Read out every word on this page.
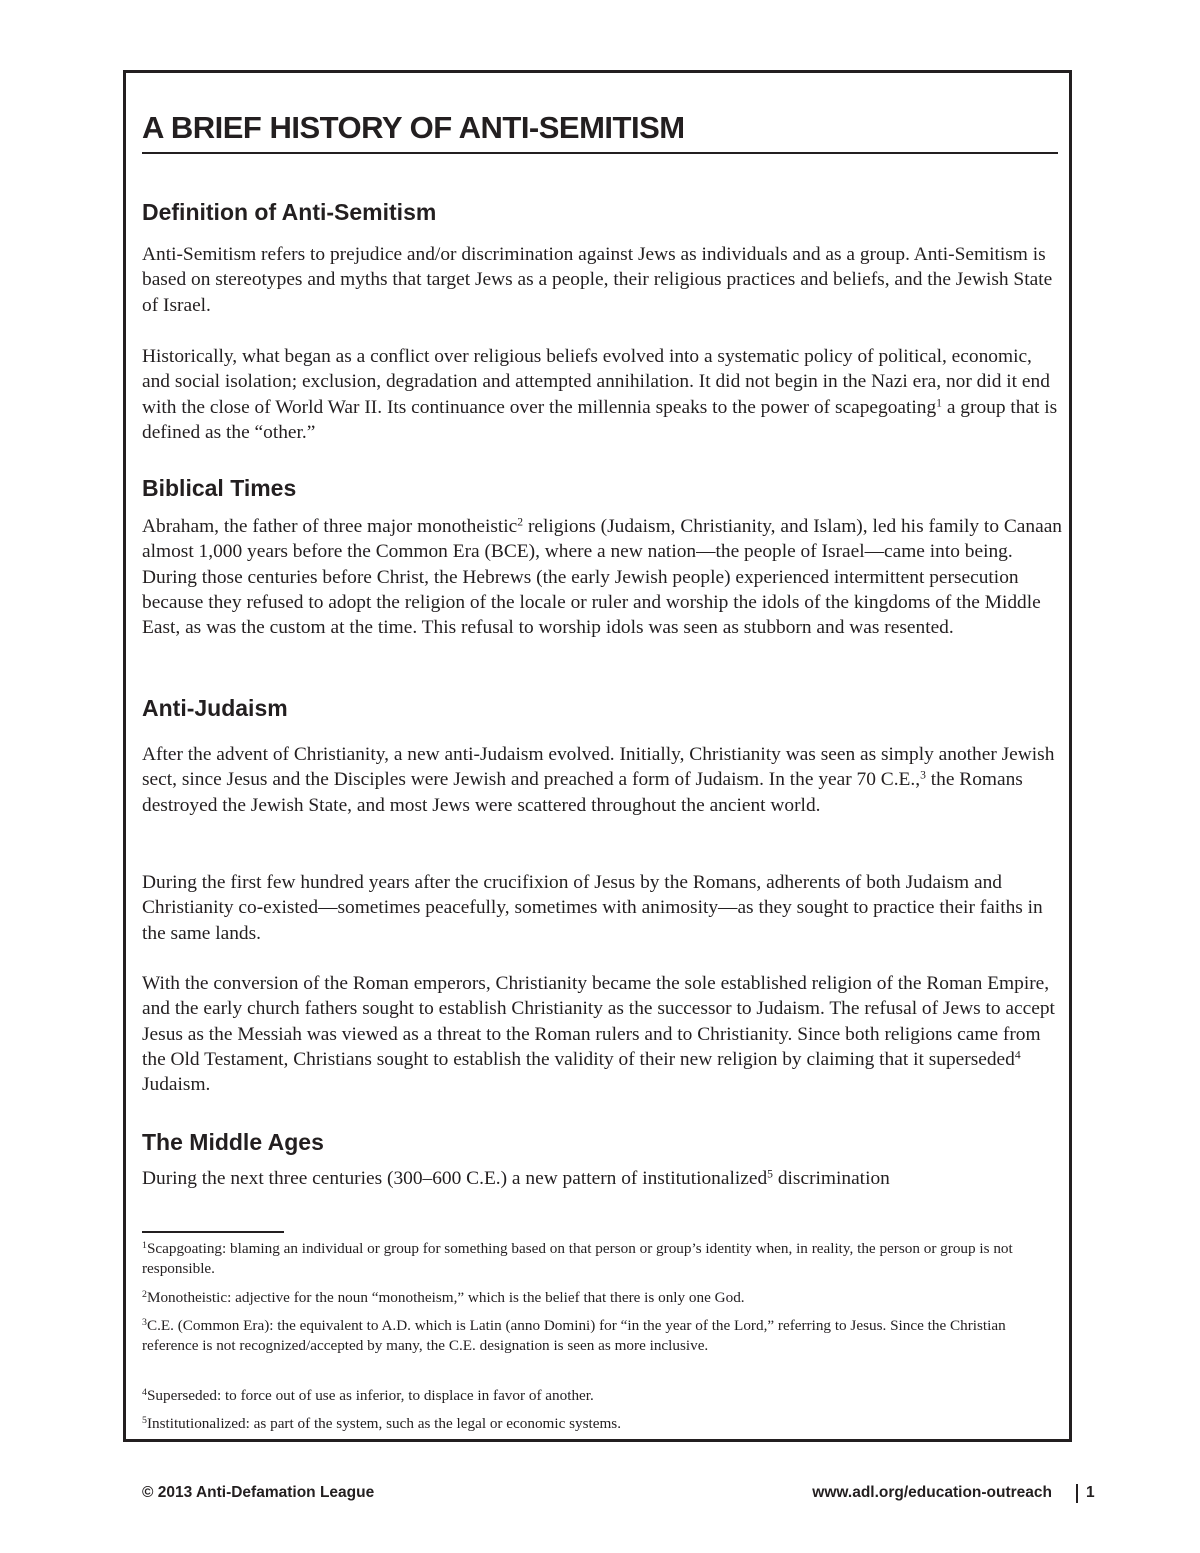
A BRIEF HISTORY OF ANTI-SEMITISM
Definition of Anti-Semitism

Anti-Semitism refers to prejudice and/or discrimination against Jews as individuals and as a group. Anti-Semitism is based on stereotypes and myths that target Jews as a people, their religious practices and beliefs, and the Jewish State of Israel.

Historically, what began as a conflict over religious beliefs evolved into a systematic policy of political, economic, and social isolation; exclusion, degradation and attempted annihilation. It did not begin in the Nazi era, nor did it end with the close of World War II. Its continuance over the millennia speaks to the power of scapegoating$^1$ a group that is defined as the “other.”

Biblical Times

Abraham, the father of three major monotheistic$^2$ religions (Judaism, Christianity, and Islam), led his family to Canaan almost 1,000 years before the Common Era (BCE), where a new nation—the people of Israel—came into being. During those centuries before Christ, the Hebrews (the early Jewish people) experienced intermittent persecution because they refused to adopt the religion of the locale or ruler and worship the idols of the kingdoms of the Middle East, as was the custom at the time. This refusal to worship idols was seen as stubborn and was resented.

Anti-Judaism

After the advent of Christianity, a new anti-Judaism evolved. Initially, Christianity was seen as simply another Jewish sect, since Jesus and the Disciples were Jewish and preached a form of Judaism. In the year 70 C.E.,$^3$ the Romans destroyed the Jewish State, and most Jews were scattered throughout the ancient world.

During the first few hundred years after the crucifixion of Jesus by the Romans, adherents of both Judaism and Christianity co-existed—sometimes peacefully, sometimes with animosity—as they sought to practice their faiths in the same lands.

With the conversion of the Roman emperors, Christianity became the sole established religion of the Roman Empire, and the early church fathers sought to establish Christianity as the successor to Judaism. The refusal of Jews to accept Jesus as the Messiah was viewed as a threat to the Roman rulers and to Christianity. Since both religions came from the Old Testament, Christians sought to establish the validity of their new religion by claiming that it superseded$^4$ Judaism.

The Middle Ages

During the next three centuries (300–600 C.E.) a new pattern of institutionalized$^5$ discrimination

$^1$Scapgoating: blaming an individual or group for something based on that person or group’s identity when, in reality, the person or group is not responsible.

$^2$Monotheistic: adjective for the noun “monotheism,” which is the belief that there is only one God.

$^3$C.E. (Common Era): the equivalent to A.D. which is Latin (anno Domini) for “in the year of the Lord,” referring to Jesus. Since the Christian reference is not recognized/accepted by many, the C.E. designation is seen as more inclusive.

$^4$Superseded: to force out of use as inferior, to displace in favor of another.

$^5$Institutionalized: as part of the system, such as the legal or economic systems.

© 2013 Anti-Defamation League	www.adl.org/education-outreach 1
